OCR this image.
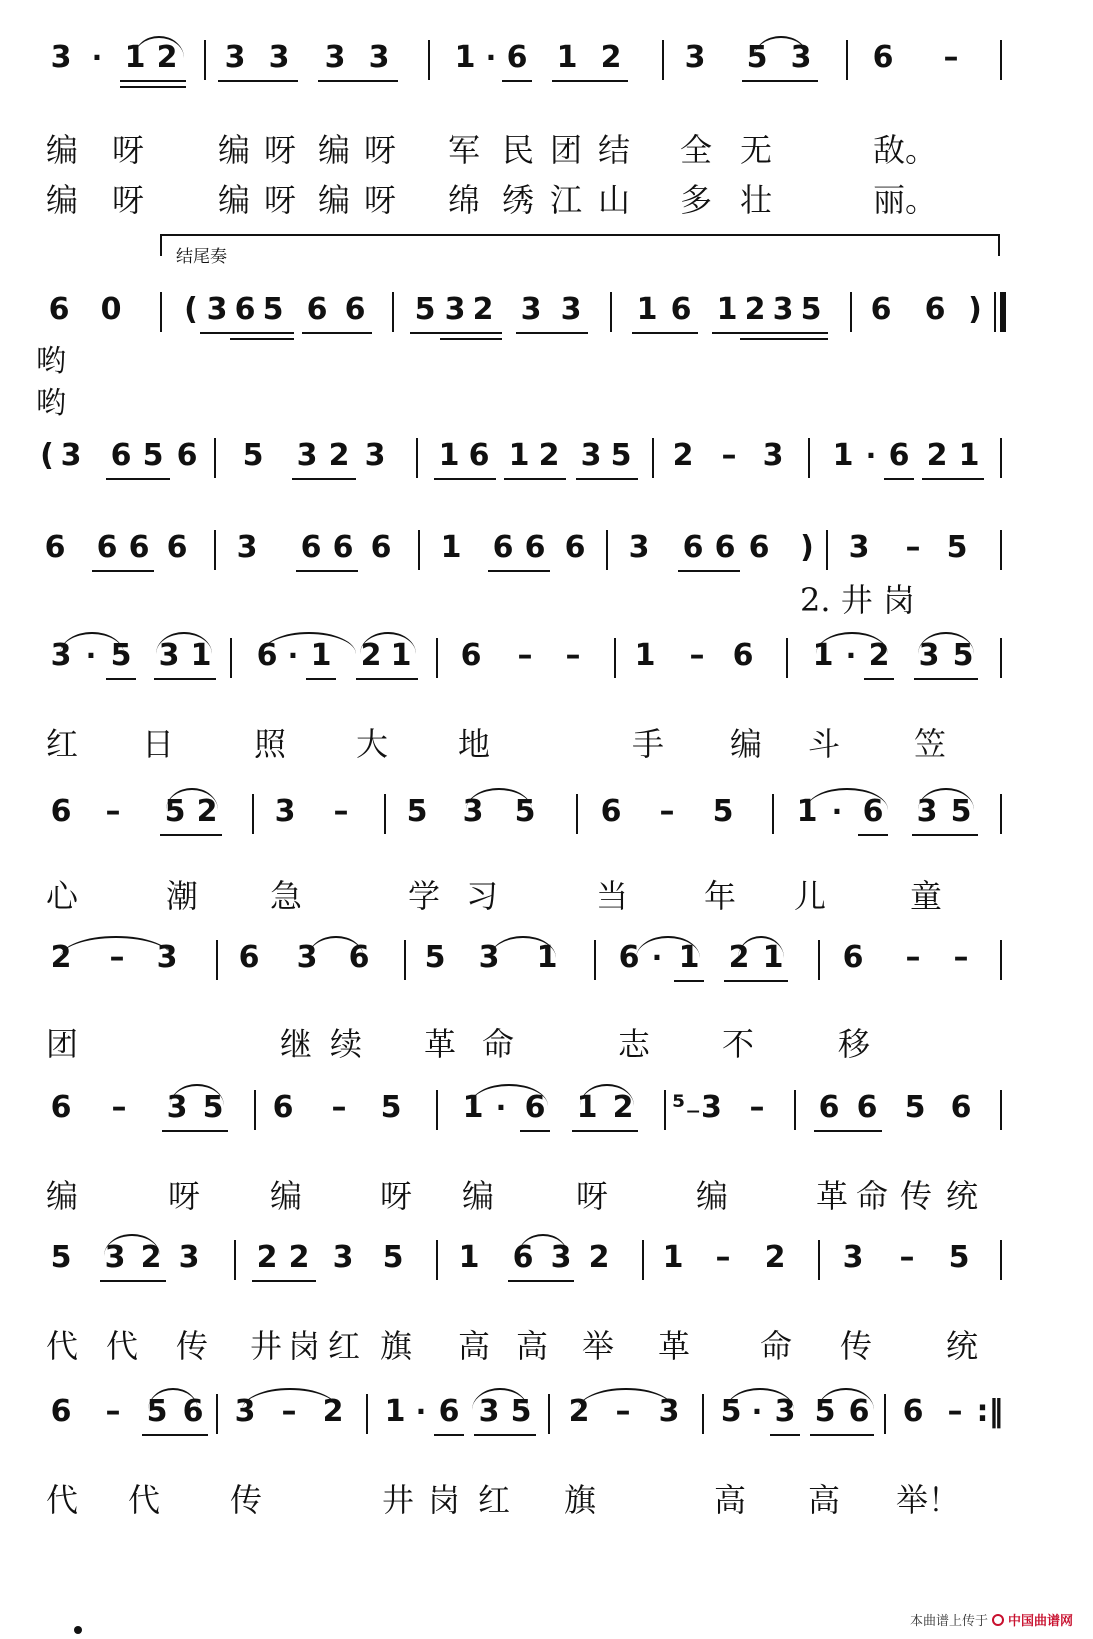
3 · 1 2 3 3 3 3 1 · 6 1 2 3 5 3 6	–
编 呀 编 呀 编 呀 军 民 团 结 全 无	敌。
编 呀 编 呀 编 呀 绵 绣 江 山 多 壮	丽。
结尾奏
6 0	( 3 6 5 6 6 5 3 2 3 3 1 6 1 2 3 5 6 6 )
哟
哟
( 3 6 5 6 5 3 2 3 1 6 1 2 3 5 2 – 3 1 · 6 2 1
6 6 6 6 3 6 6 6 1 6 6 6 3 6 6 6	)	3	– 5
2. 井 岗
3 · 5 3 1 6 · 1 2 1 6	–	–	1	– 6 1 · 2 3 5
红 日 照 大 地	手 编 斗 笠
6	–	5 2 3	–	5 3 5 6	–	5 1 · 6 3 5
心	潮 急	学 习	当 年 儿	童
2	–	3 6 3 6 5 3 1 6 · 1 2 1 6	–	–
团	继 续 革 命	志 不	移
6	–	3 5 6	–	5 1 · 6 1 2 ⁵₋3 –	6 6 5 6
编	呀 编 呀 编	呀	编	革 命 传 统
5 3 2 3 2 2 3 5 1 6 3 2 1	–	2 3	–	5
代 代 传 井 岗 红 旗 高 高 举 革 命 传 统
6	– 5 6 3 – 2 1 · 6 3 5 2 – 3 5 · 3 5 6 6 – :‖
代 代 传	井 岗 红 旗	高 高 举！
本曲谱上传于 中国曲谱网
